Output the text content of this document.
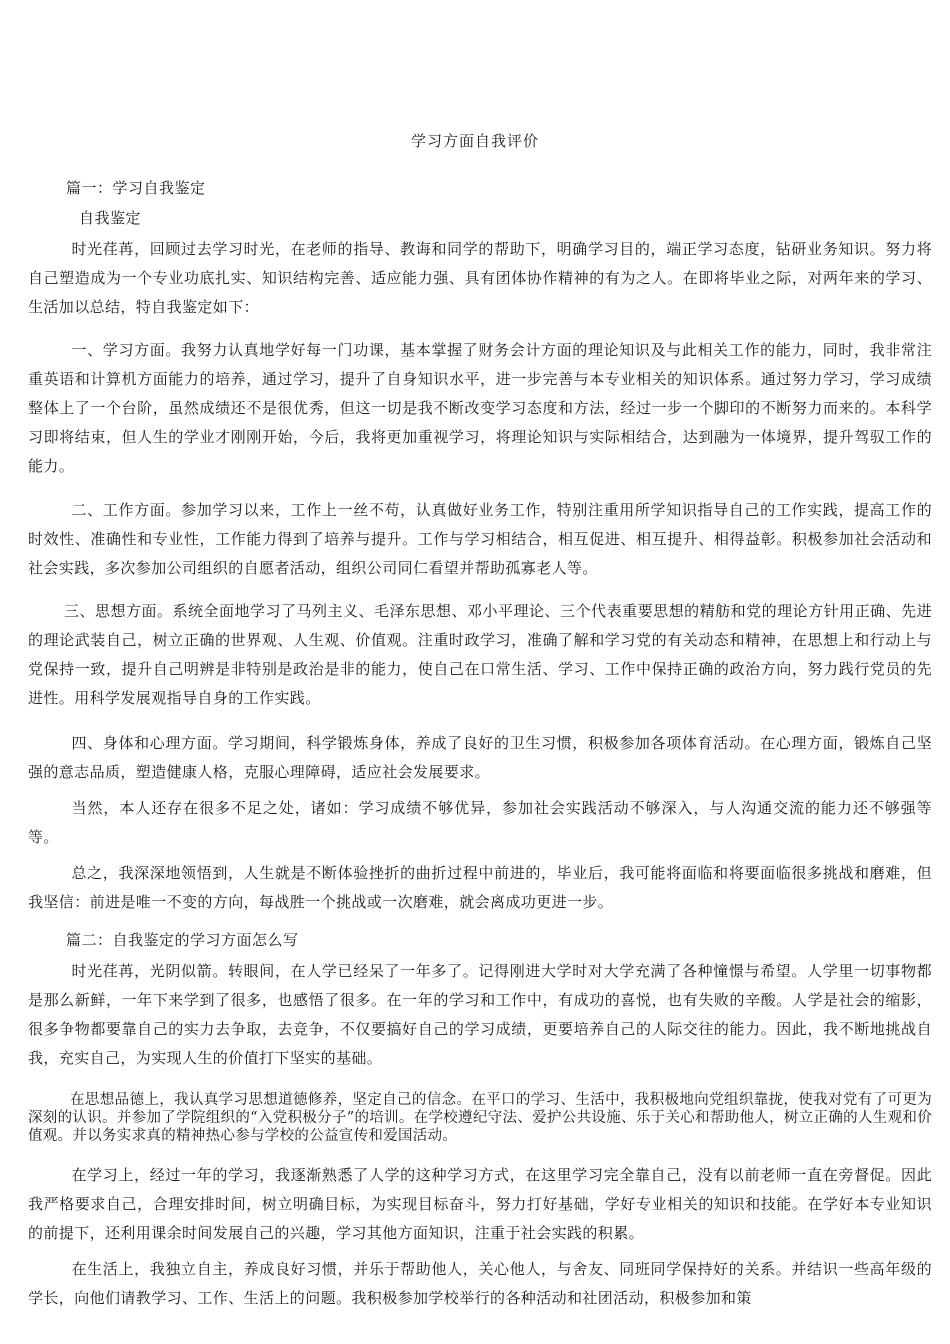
学习方面自我评价
篇一：学习自我鉴定
自我鉴定
时光荏苒，回顾过去学习时光，在老师的指导、教诲和同学的帮助下，明确学习目的，端正学习态度，钻研业务知识。努力将自己塑造成为一个专业功底扎实、知识结构完善、适应能力强、具有团体协作精神的有为之人。在即将毕业之际，对两年来的学习、生活加以总结，特自我鉴定如下：
一、学习方面。我努力认真地学好每一门功课，基本掌握了财务会计方面的理论知识及与此相关工作的能力，同时，我非常注重英语和计算机方面能力的培养，通过学习，提升了自身知识水平，进一步完善与本专业相关的知识体系。通过努力学习，学习成绩整体上了一个台阶，虽然成绩还不是很优秀，但这一切是我不断改变学习态度和方法，经过一步一个脚印的不断努力而来的。本科学习即将结束，但人生的学业才刚刚开始，今后，我将更加重视学习，将理论知识与实际相结合，达到融为一体境界，提升驾驭工作的能力。
二、工作方面。参加学习以来，工作上一丝不苟，认真做好业务工作，特别注重用所学知识指导自己的工作实践，提高工作的时效性、准确性和专业性，工作能力得到了培养与提升。工作与学习相结合，相互促进、相互提升、相得益彰。积极参加社会活动和社会实践，多次参加公司组织的自愿者活动，组织公司同仁看望并帮助孤寡老人等。
三、思想方面。系统全面地学习了马列主义、毛泽东思想、邓小平理论、三个代表重要思想的精舫和党的理论方针用正确、先进的理论武装自己，树立正确的世界观、人生观、价值观。注重时政学习，准确了解和学习党的有关动态和精神，在思想上和行动上与党保持一致，提升自己明辨是非特别是政治是非的能力，使自己在口常生活、学习、工作中保持正确的政治方向，努力践行党员的先进性。用科学发展观指导自身的工作实践。
四、身体和心理方面。学习期间，科学锻炼身体，养成了良好的卫生习惯，积极参加各项体育活动。在心理方面，锻炼自己坚强的意志品质，塑造健康人格，克服心理障碍，适应社会发展要求。
当然，本人还存在很多不足之处，诸如：学习成绩不够优异，参加社会实践活动不够深入，与人沟通交流的能力还不够强等等。
总之，我深深地领悟到，人生就是不断体验挫折的曲折过程中前进的，毕业后，我可能将面临和将要面临很多挑战和磨难，但我坚信：前进是唯一不变的方向，每战胜一个挑战或一次磨难，就会离成功更进一步。
篇二：自我鉴定的学习方面怎么写
时光荏苒，光阴似箭。转眼间，在人学已经呆了一年多了。记得刚进大学时对大学充满了各种憧憬与希望。人学里一切事物都是那么新鲜，一年下来学到了很多，也感悟了很多。在一年的学习和工作中，有成功的喜悦，也有失败的辛酸。人学是社会的缩影，很多争物都要靠自己的实力去争取，去竞争，不仅要搞好自己的学习成绩，更要培养自己的人际交往的能力。因此，我不断地挑战自我，充实自己，为实现人生的价值打下坚实的基础。
在思想品德上，我认真学习思想道德修养，坚定自己的信念。在平口的学习、生活中，我积极地向党组织靠拢，使我对党有了可更为深刻的认识。并参加了学院组织的“入党积极分子”的培训。在学校遵纪守法、爱护公共设施、乐于关心和帮助他人，树立正确的人生观和价值观。并以务实求真的精神热心参与学校的公益宣传和爱国活动。
在学习上，经过一年的学习，我逐渐熟悉了人学的这种学习方式，在这里学习完全靠自己，没有以前老师一直在旁督促。因此我严格要求自己，合理安排时间，树立明确目标，为实现目标奋斗，努力打好基础，学好专业相关的知识和技能。在学好本专业知识的前提下，还利用课余时间发展自己的兴趣，学习其他方面知识，注重于社会实践的积累。
在生活上，我独立自主，养成良好习惯，并乐于帮助他人，关心他人，与舍友、同班同学保持好的关系。并结识一些高年级的学长，向他们请教学习、工作、生活上的问题。我积极参加学校举行的各种活动和社团活动，积极参加和策
